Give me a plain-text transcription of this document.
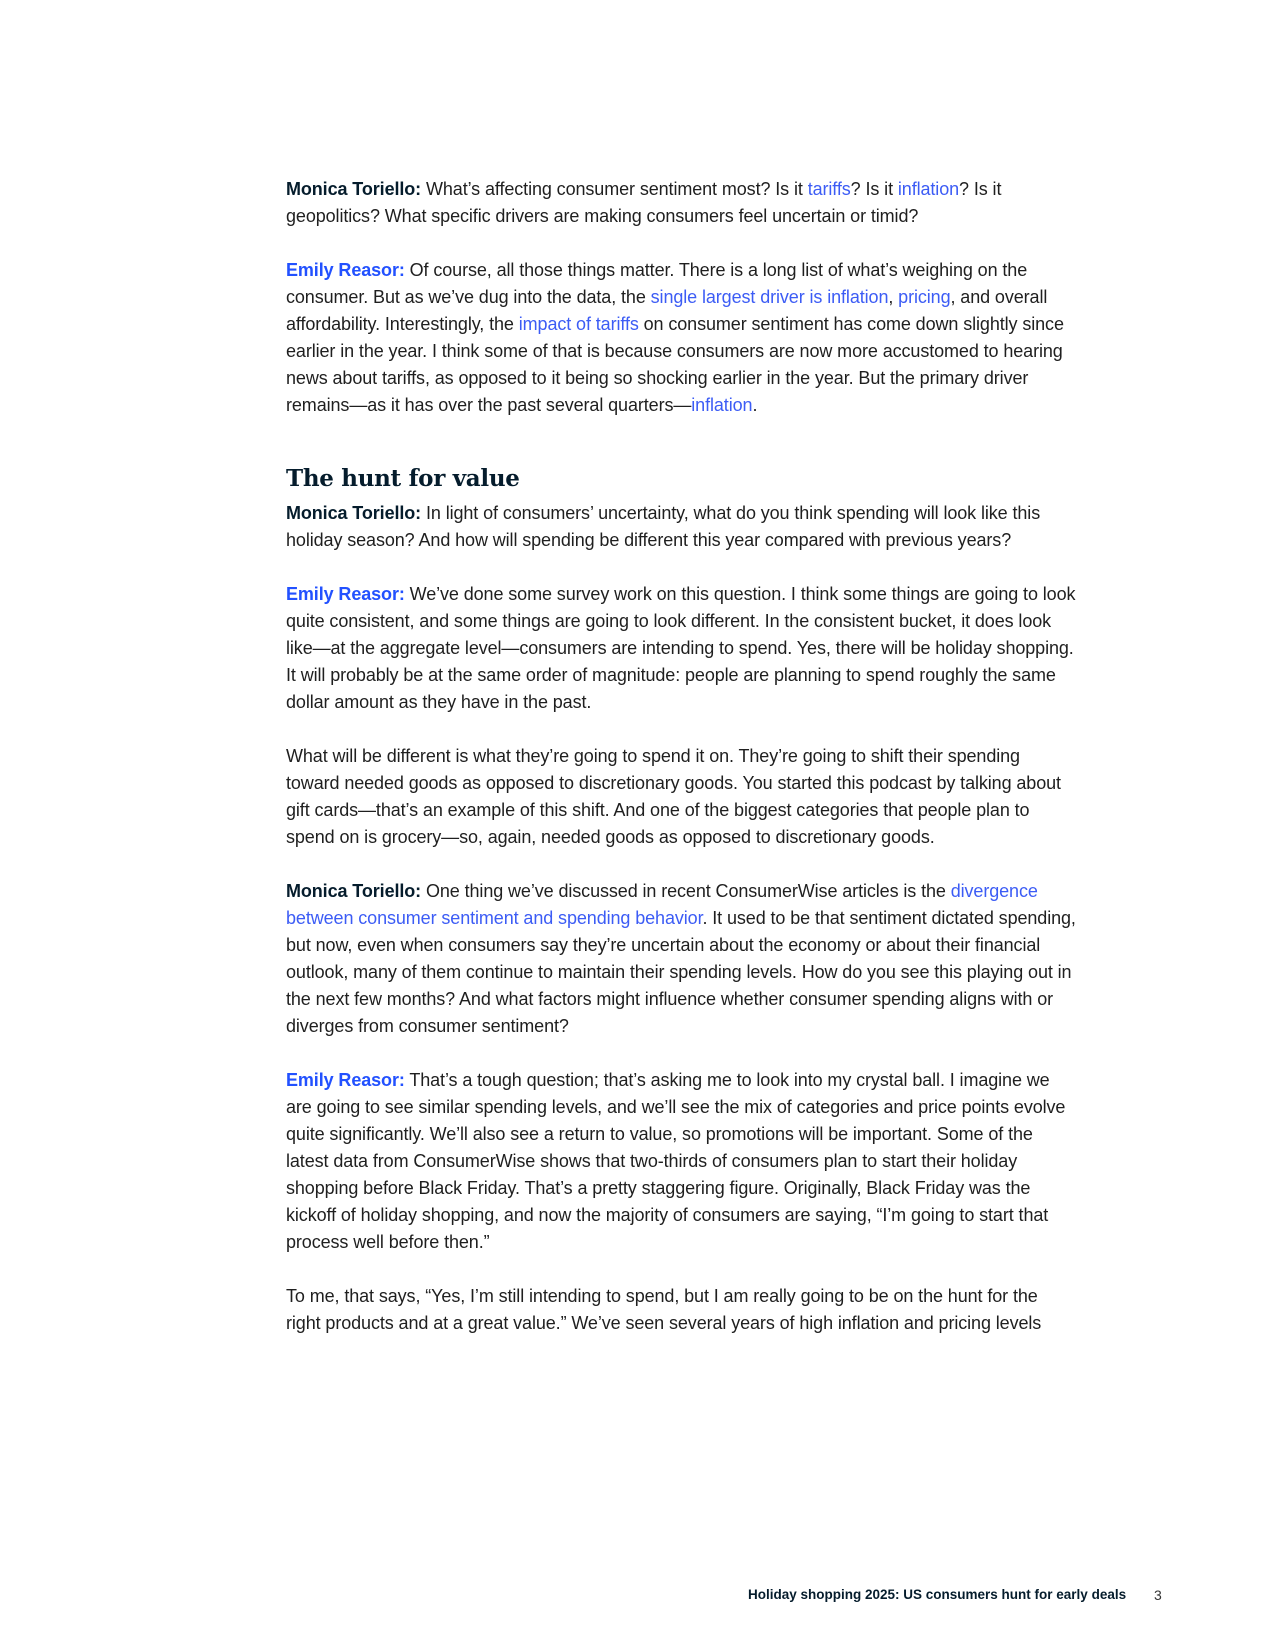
Monica Toriello: What’s affecting consumer sentiment most? Is it tariffs? Is it inflation? Is it geopolitics? What specific drivers are making consumers feel uncertain or timid?

Emily Reasor: Of course, all those things matter. There is a long list of what’s weighing on the consumer. But as we’ve dug into the data, the single largest driver is inflation, pricing, and overall affordability. Interestingly, the impact of tariffs on consumer sentiment has come down slightly since earlier in the year. I think some of that is because consumers are now more accustomed to hearing news about tariffs, as opposed to it being so shocking earlier in the year. But the primary driver remains—as it has over the past several quarters—inflation.

The hunt for value

Monica Toriello: In light of consumers’ uncertainty, what do you think spending will look like this holiday season? And how will spending be different this year compared with previous years?

Emily Reasor: We’ve done some survey work on this question. I think some things are going to look quite consistent, and some things are going to look different. In the consistent bucket, it does look like—at the aggregate level—consumers are intending to spend. Yes, there will be holiday shopping. It will probably be at the same order of magnitude: people are planning to spend roughly the same dollar amount as they have in the past.

What will be different is what they’re going to spend it on. They’re going to shift their spending toward needed goods as opposed to discretionary goods. You started this podcast by talking about gift cards—that’s an example of this shift. And one of the biggest categories that people plan to spend on is grocery—so, again, needed goods as opposed to discretionary goods.

Monica Toriello: One thing we’ve discussed in recent ConsumerWise articles is the divergence between consumer sentiment and spending behavior. It used to be that sentiment dictated spending, but now, even when consumers say they’re uncertain about the economy or about their financial outlook, many of them continue to maintain their spending levels. How do you see this playing out in the next few months? And what factors might influence whether consumer spending aligns with or diverges from consumer sentiment?

Emily Reasor: That’s a tough question; that’s asking me to look into my crystal ball. I imagine we are going to see similar spending levels, and we’ll see the mix of categories and price points evolve quite significantly. We’ll also see a return to value, so promotions will be important. Some of the latest data from ConsumerWise shows that two-thirds of consumers plan to start their holiday shopping before Black Friday. That’s a pretty staggering figure. Originally, Black Friday was the kickoff of holiday shopping, and now the majority of consumers are saying, “I’m going to start that process well before then.”

To me, that says, “Yes, I’m still intending to spend, but I am really going to be on the hunt for the right products and at a great value.” We’ve seen several years of high inflation and pricing levels

Holiday shopping 2025: US consumers hunt for early deals 3
